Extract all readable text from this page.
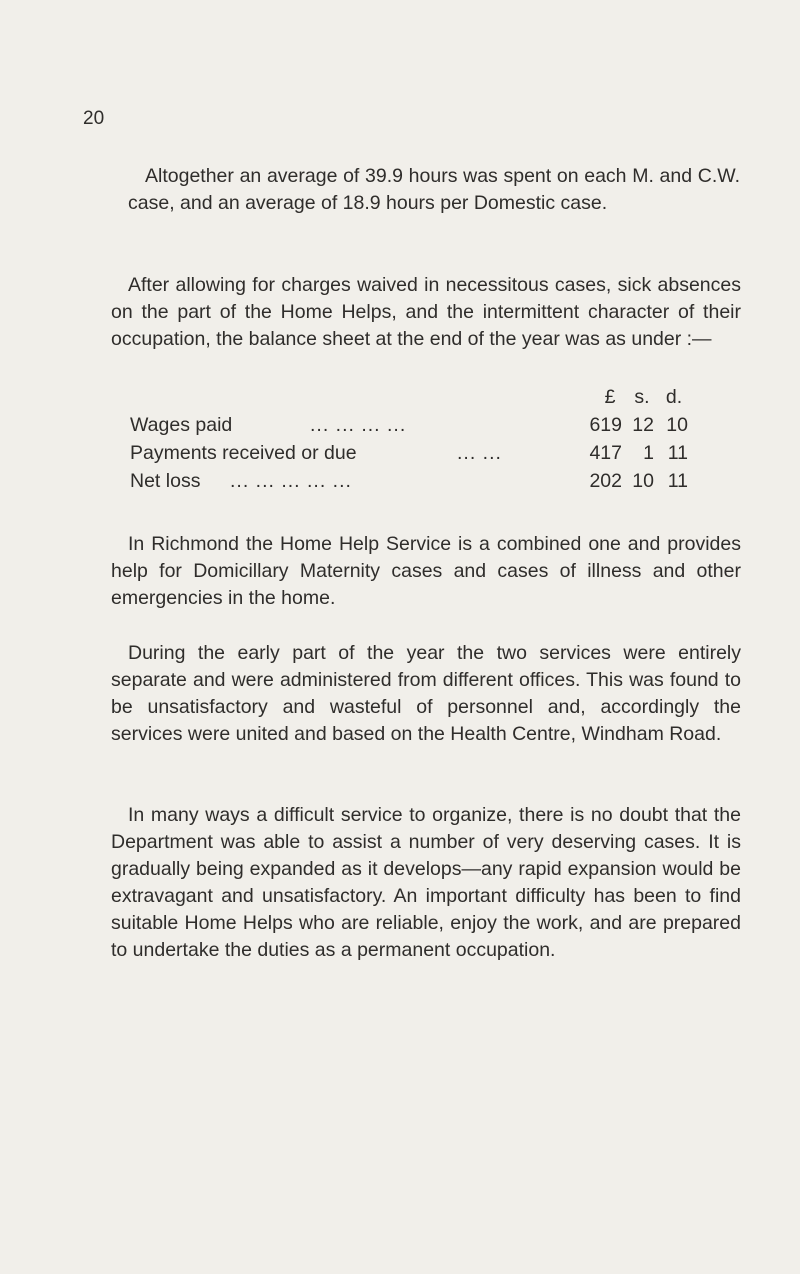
20

Altogether an average of 39.9 hours was spent on each M. and C.W. case, and an average of 18.9 hours per Domestic case.

After allowing for charges waived in necessitous cases, sick absences on the part of the Home Helps, and the intermittent character of their occupation, the balance sheet at the end of the year was as under :—

£ s. d.
Wages paid	... ... ... ...	619 12 10
Payments received or due	... ...	417	1 11
Net loss ... ... ... ... ...	202 10 11

In Richmond the Home Help Service is a combined one and provides help for Domicillary Maternity cases and cases of illness and other emergencies in the home.

During the early part of the year the two services were entirely separate and were administered from different offices. This was found to be unsatisfactory and wasteful of personnel and, accordingly the services were united and based on the Health Centre, Windham Road.

In many ways a difficult service to organize, there is no doubt that the Department was able to assist a number of very deserving cases. It is gradually being expanded as it develops—any rapid expansion would be extravagant and unsatisfactory. An important difficulty has been to find suitable Home Helps who are reliable, enjoy the work, and are prepared to undertake the duties as a permanent occupation.
